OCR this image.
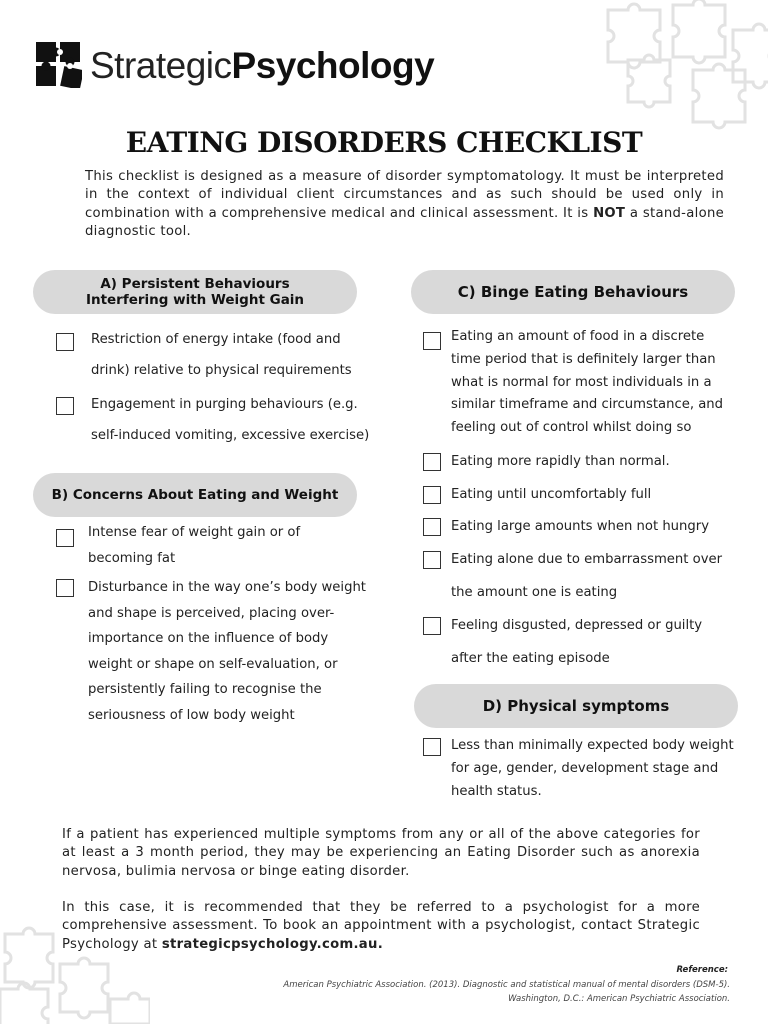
StrategicPsychology
EATING DISORDERS CHECKLIST
This checklist is designed as a measure of disorder symptomatology. It must be interpreted in the context of individual client circumstances and as such should be used only in combination with a comprehensive medical and clinical assessment. It is NOT a stand-alone diagnostic tool.
A) Persistent Behaviours
Interfering with Weight Gain
Restriction of energy intake (food and
drink) relative to physical requirements
Engagement in purging behaviours (e.g.
self-induced vomiting, excessive exercise)
B) Concerns About Eating and Weight
Intense fear of weight gain or of
becoming fat
Disturbance in the way one’s body weight
and shape is perceived, placing over-
importance on the influence of body
weight or shape on self-evaluation, or
persistently failing to recognise the
seriousness of low body weight
C) Binge Eating Behaviours
Eating an amount of food in a discrete
time period that is definitely larger than
what is normal for most individuals in a
similar timeframe and circumstance, and
feeling out of control whilst doing so
Eating more rapidly than normal.
Eating until uncomfortably full
Eating large amounts when not hungry
Eating alone due to embarrassment over
the amount one is eating
Feeling disgusted, depressed or guilty
after the eating episode
D) Physical symptoms
Less than minimally expected body weight
for age, gender, development stage and
health status.
If a patient has experienced multiple symptoms from any or all of the above categories for at least a 3 month period, they may be experiencing an Eating Disorder such as anorexia nervosa, bulimia nervosa or binge eating disorder.
In this case, it is recommended that they be referred to a psychologist for a more comprehensive assessment. To book an appointment with a psychologist, contact Strategic Psychology at strategicpsychology.com.au.
Reference:
American Psychiatric Association. (2013). Diagnostic and statistical manual of mental disorders (DSM-5).
Washington, D.C.: American Psychiatric Association.
